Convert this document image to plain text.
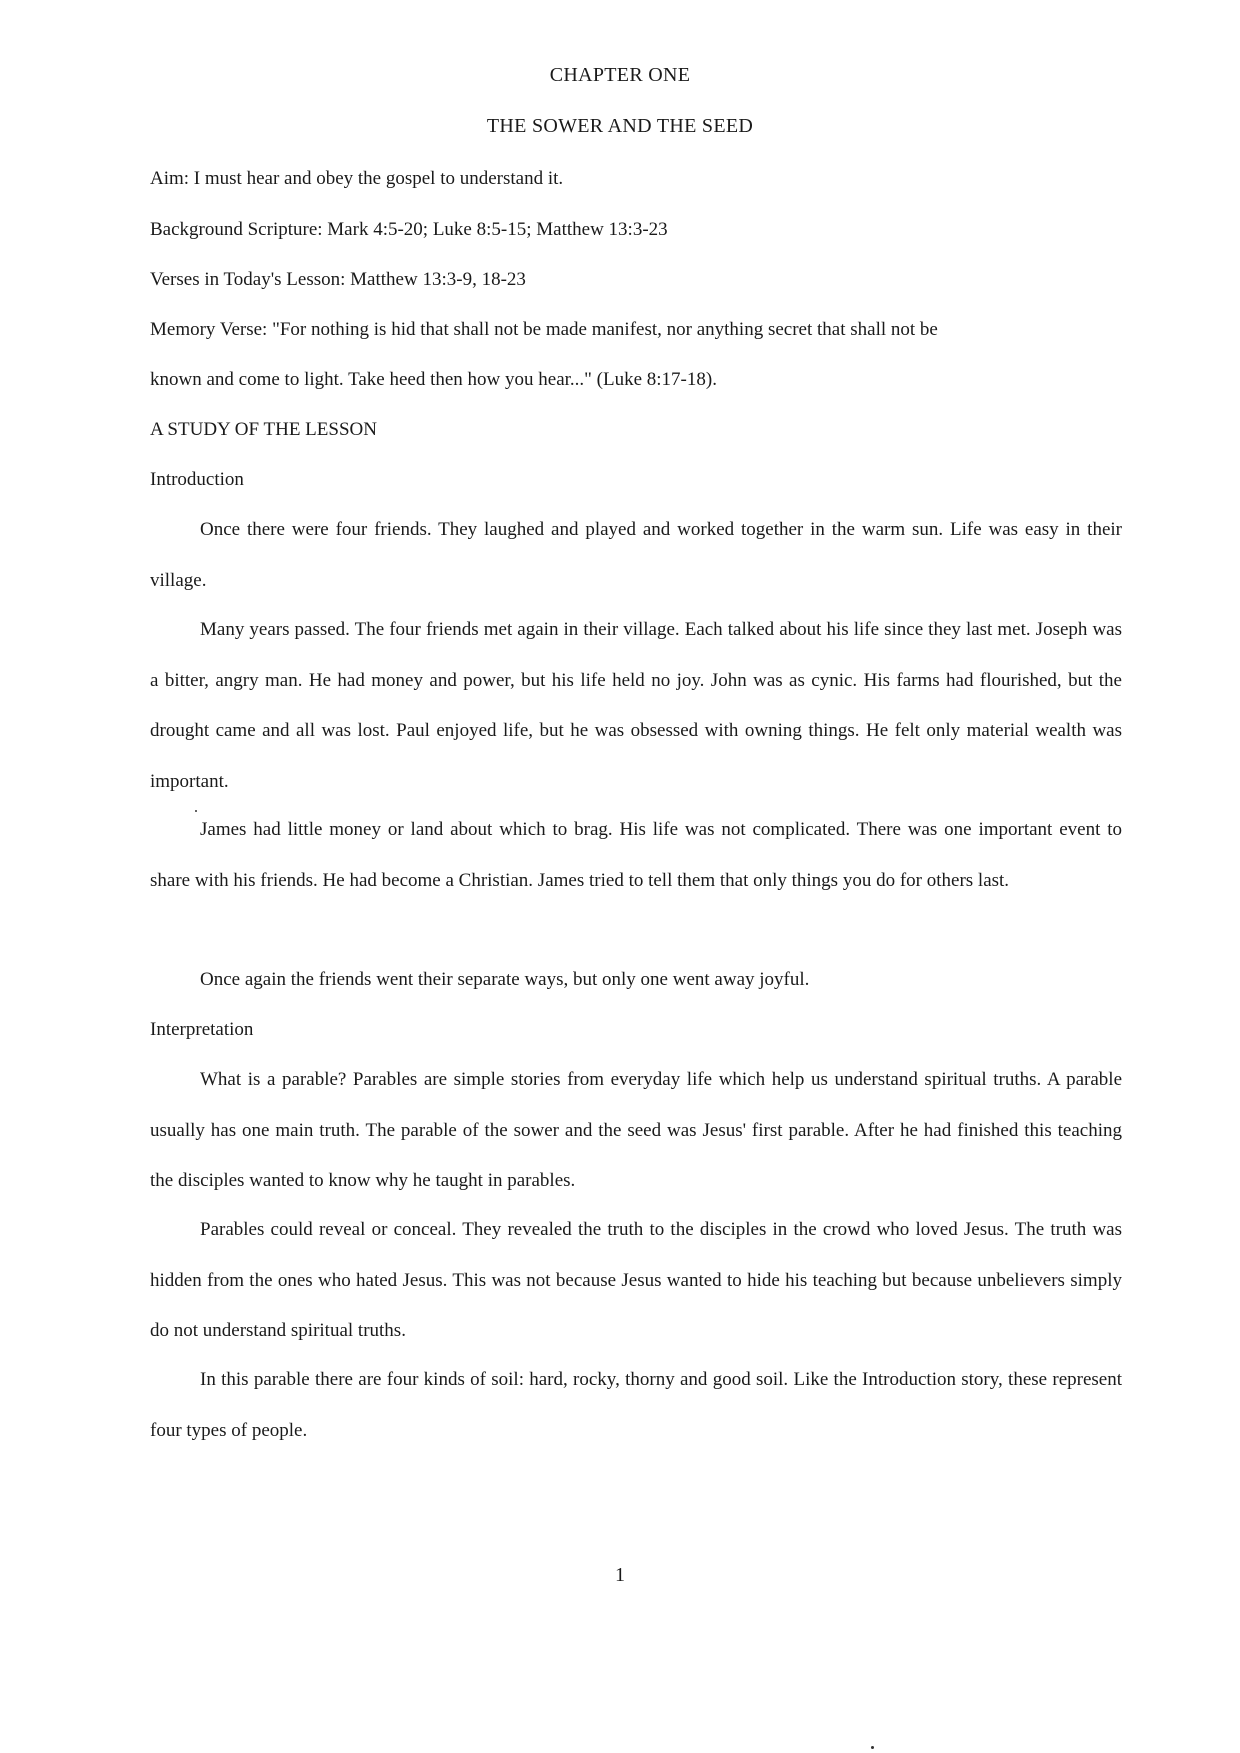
CHAPTER ONE
THE SOWER AND THE SEED
Aim: I must hear and obey the gospel to understand it.
Background Scripture: Mark 4:5-20; Luke 8:5-15; Matthew 13:3-23
Verses in Today's Lesson: Matthew 13:3-9, 18-23
Memory Verse: "For nothing is hid that shall not be made manifest, nor anything secret that shall not be
known and come to light. Take heed then how you hear..." (Luke 8:17-18).
A STUDY OF THE LESSON
Introduction

Once there were four friends. They laughed and played and worked together in the warm sun. Life was easy in their village.

Many years passed. The four friends met again in their village. Each talked about his life since they last met. Joseph was a bitter, angry man. He had money and power, but his life held no joy. John was as cynic. His farms had flourished, but the drought came and all was lost. Paul enjoyed life, but he was obsessed with owning things. He felt only material wealth was important.

James had little money or land about which to brag. His life was not complicated. There was one important event to share with his friends. He had become a Christian. James tried to tell them that only things you do for others last.

Once again the friends went their separate ways, but only one went away joyful.

Interpretation

What is a parable? Parables are simple stories from everyday life which help us understand spiritual truths. A parable usually has one main truth. The parable of the sower and the seed was Jesus' first parable. After he had finished this teaching the disciples wanted to know why he taught in parables.

Parables could reveal or conceal. They revealed the truth to the disciples in the crowd who loved Jesus. The truth was hidden from the ones who hated Jesus. This was not because Jesus wanted to hide his teaching but because unbelievers simply do not understand spiritual truths.

In this parable there are four kinds of soil: hard, rocky, thorny and good soil. Like the Introduction story, these represent four types of people.

1
